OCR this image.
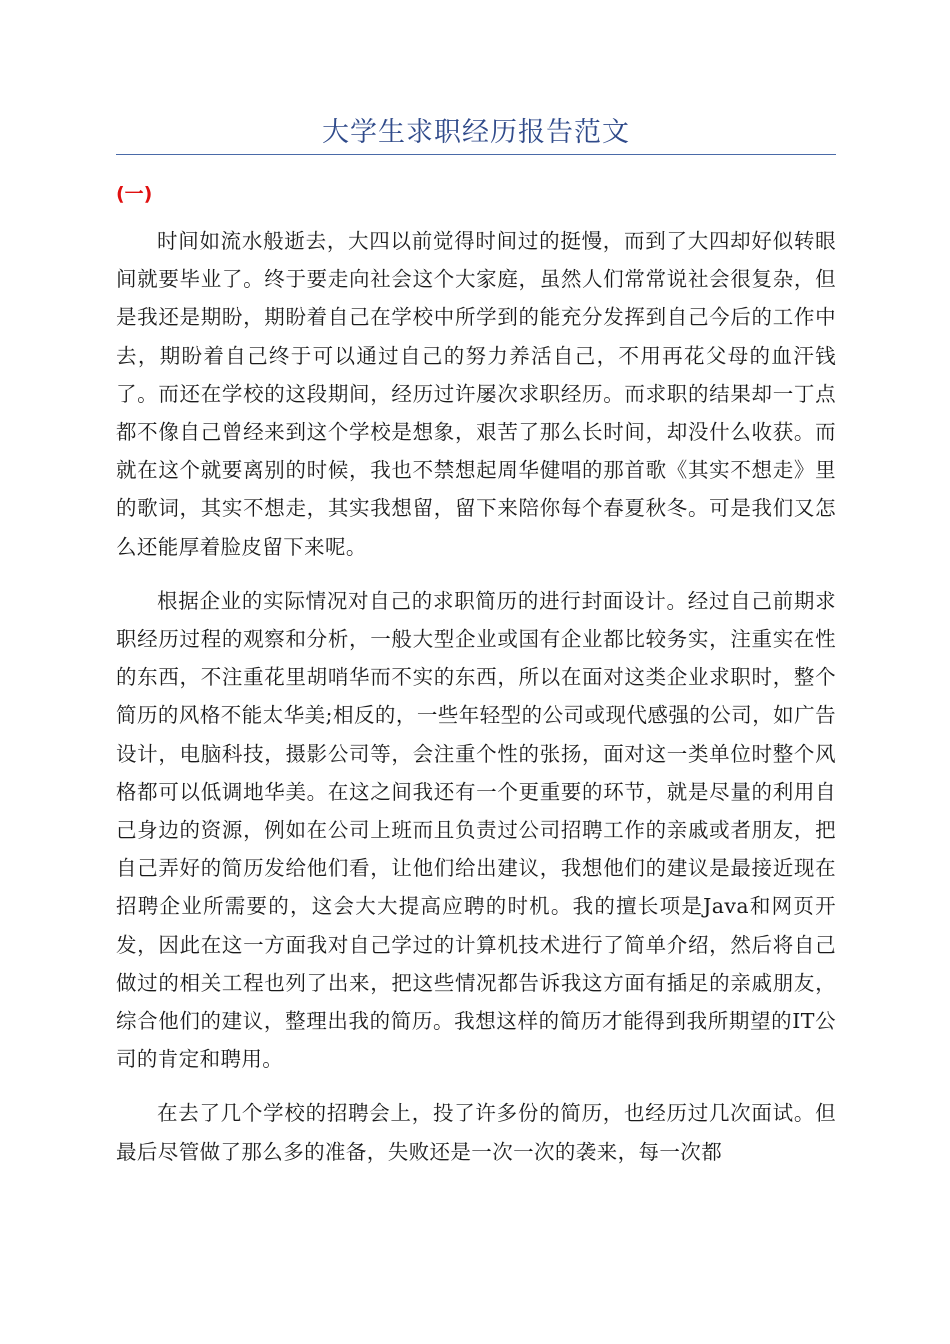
大学生求职经历报告范文
(一)

时间如流水般逝去，大四以前觉得时间过的挺慢，而到了大四却好似转眼间就要毕业了。终于要走向社会这个大家庭，虽然人们常常说社会很复杂，但是我还是期盼，期盼着自己在学校中所学到的能充分发挥到自己今后的工作中去，期盼着自己终于可以通过自己的努力养活自己，不用再花父母的血汗钱了。而还在学校的这段期间，经历过许屡次求职经历。而求职的结果却一丁点都不像自己曾经来到这个学校是想象，艰苦了那么长时间，却没什么收获。而就在这个就要离别的时候，我也不禁想起周华健唱的那首歌《其实不想走》里的歌词，其实不想走，其实我想留，留下来陪你每个春夏秋冬。可是我们又怎么还能厚着脸皮留下来呢。

根据企业的实际情况对自己的求职简历的进行封面设计。经过自己前期求职经历过程的观察和分析，一般大型企业或国有企业都比较务实，注重实在性的东西，不注重花里胡哨华而不实的东西，所以在面对这类企业求职时，整个简历的风格不能太华美;相反的，一些年轻型的公司或现代感强的公司，如广告设计，电脑科技，摄影公司等，会注重个性的张扬，面对这一类单位时整个风格都可以低调地华美。在这之间我还有一个更重要的环节，就是尽量的利用自己身边的资源，例如在公司上班而且负责过公司招聘工作的亲戚或者朋友，把自己弄好的简历发给他们看，让他们给出建议，我想他们的建议是最接近现在招聘企业所需要的，这会大大提高应聘的时机。我的擅长项是Java和网页开发，因此在这一方面我对自己学过的计算机技术进行了简单介绍，然后将自己做过的相关工程也列了出来，把这些情况都告诉我这方面有插足的亲戚朋友，综合他们的建议，整理出我的简历。我想这样的简历才能得到我所期望的IT公司的肯定和聘用。

在去了几个学校的招聘会上，投了许多份的简历，也经历过几次面试。但最后尽管做了那么多的准备，失败还是一次一次的袭来，每一次都
